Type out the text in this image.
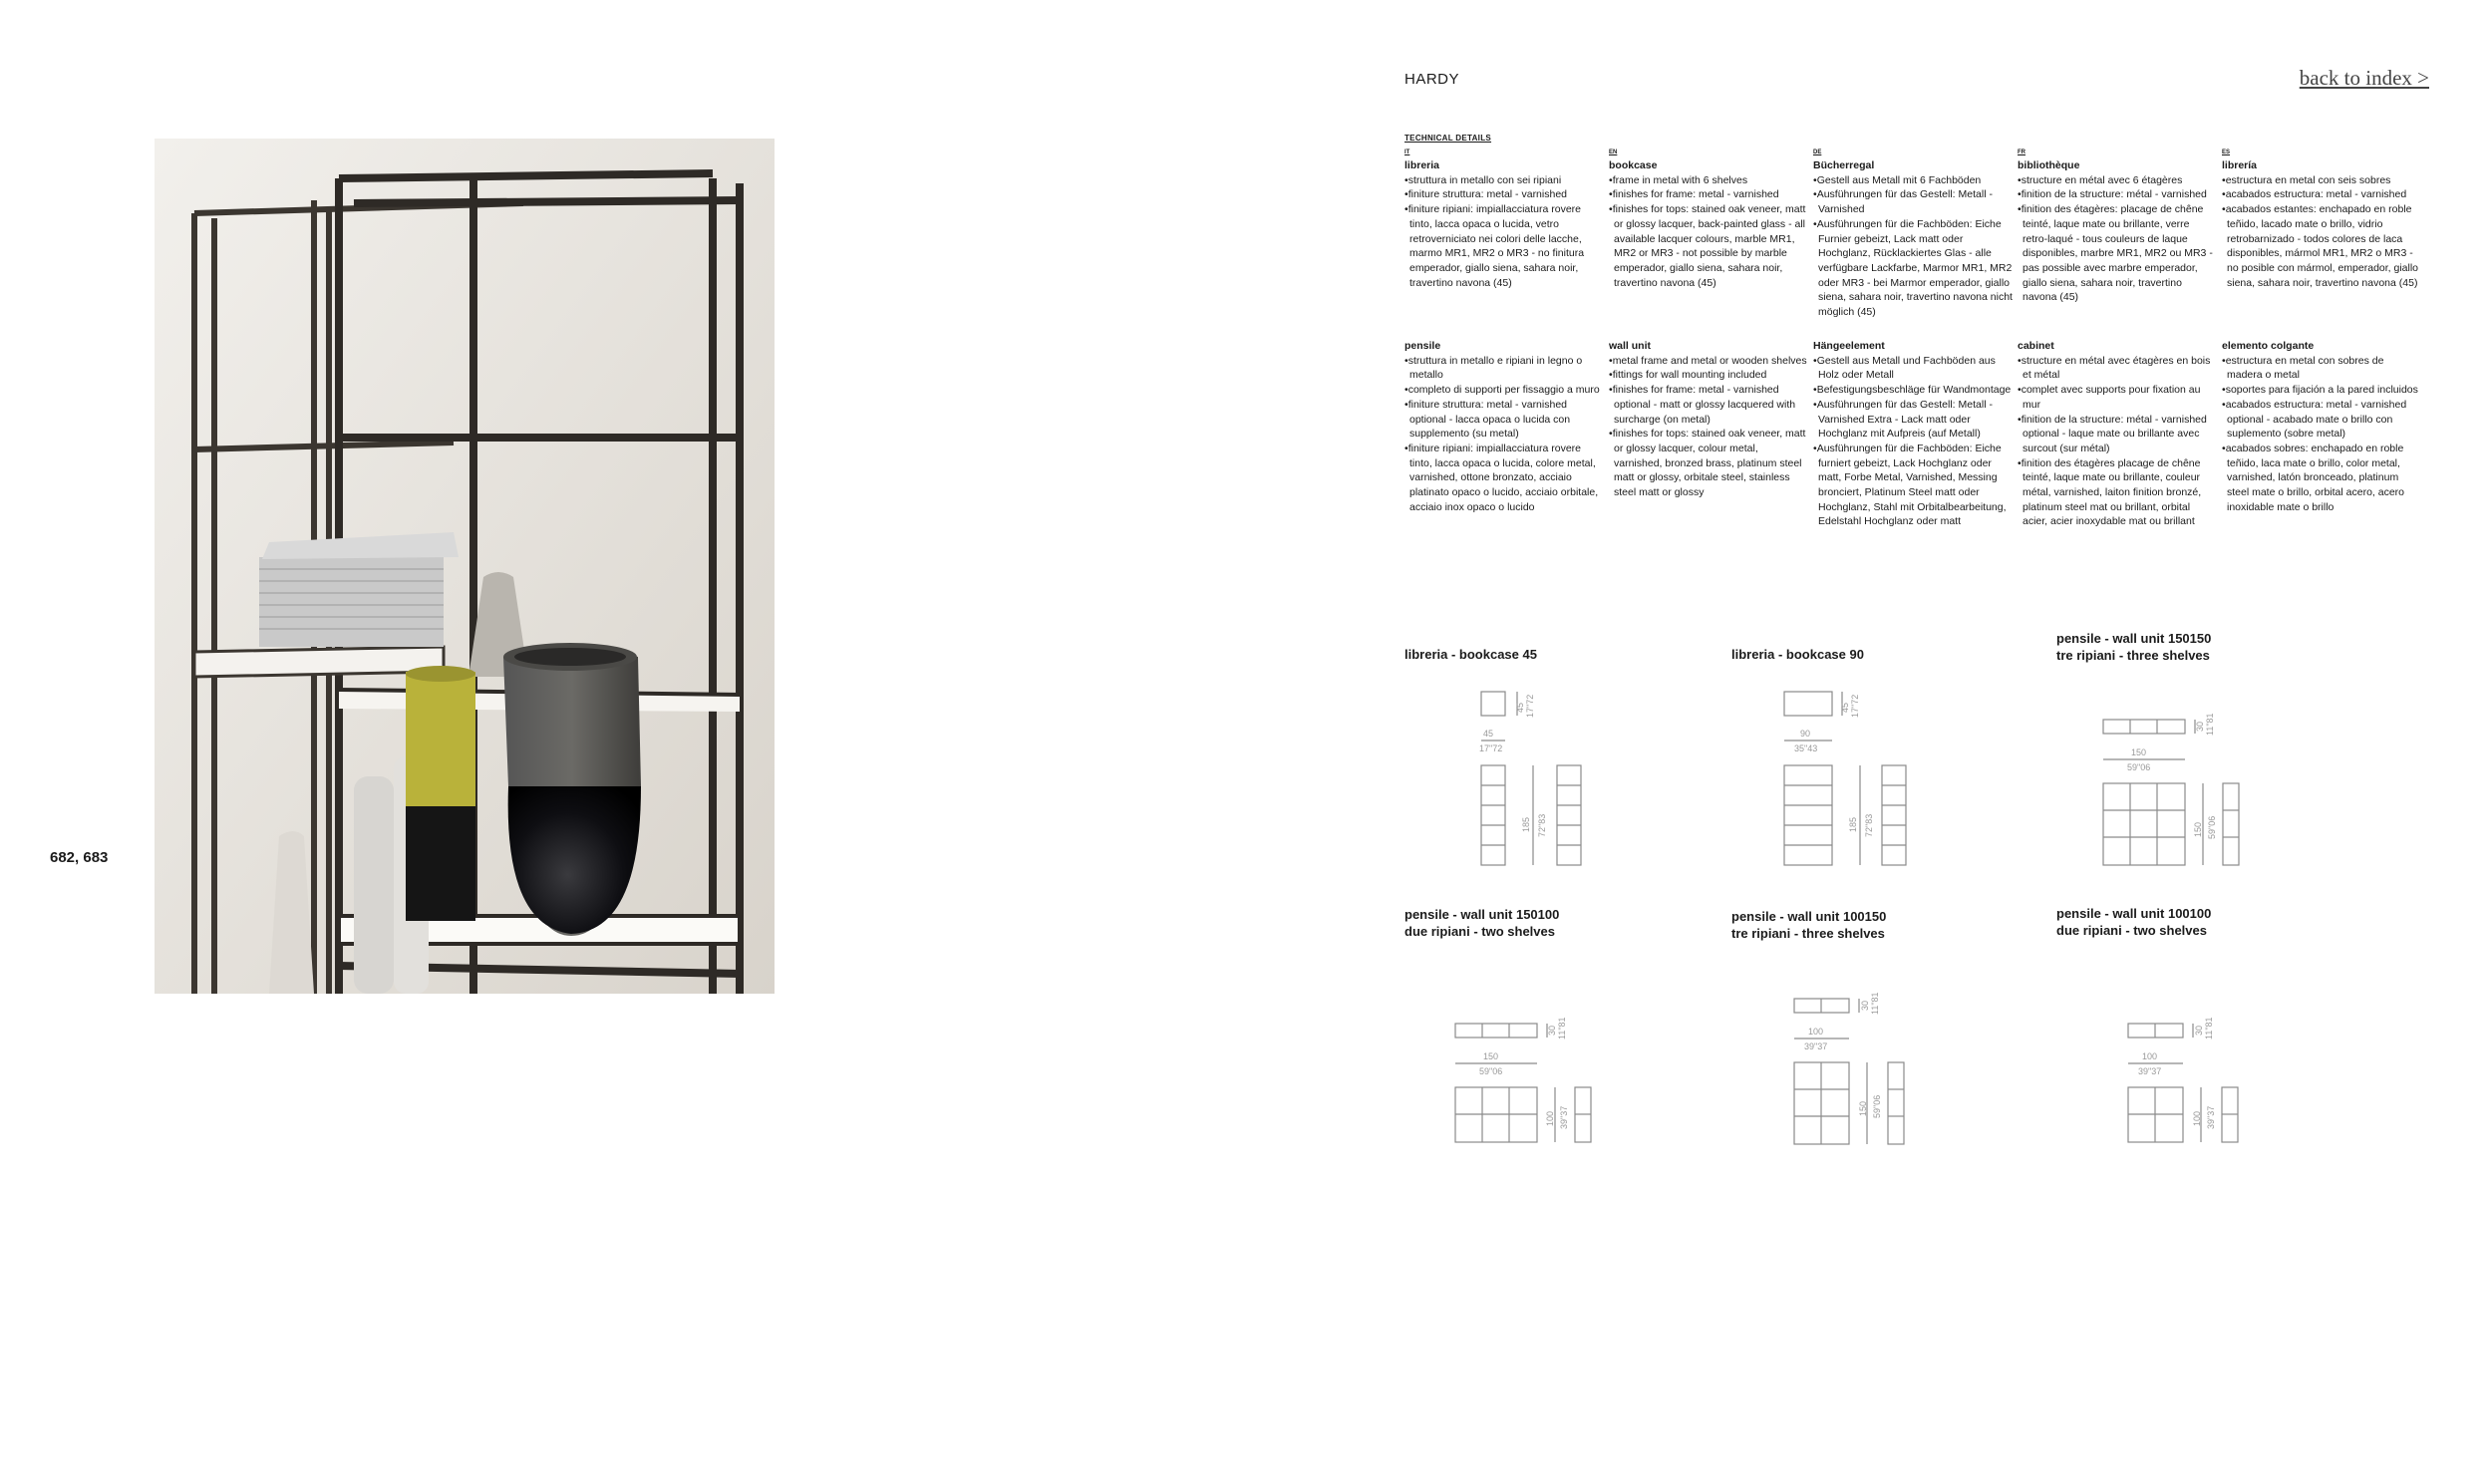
682, 683
HARDY	back to index >
TECHNICAL DETAILS
IT
libreria
• struttura in metallo con sei ripiani
• finiture struttura: metal - varnished
• finiture ripiani: impiallacciatura rovere tinto, lacca opaca o lucida, vetro retroverniciato nei colori delle lacche, marmo MR1, MR2 o MR3 - no finitura emperador, giallo siena, sahara noir, travertino navona (45)
pensile
• struttura in metallo e ripiani in legno o metallo
• completo di supporti per fissaggio a muro
• finiture struttura: metal - varnished optional - lacca opaca o lucida con supplemento (su metal)
• finiture ripiani: impiallacciatura rovere tinto, lacca opaca o lucida, colore metal, varnished, ottone bronzato, acciaio platinato opaco o lucido, acciaio orbitale, acciaio inox opaco o lucido
EN
bookcase
• frame in metal with 6 shelves
• finishes for frame: metal - varnished
• finishes for tops: stained oak veneer, matt or glossy lacquer, back-painted glass - all available lacquer colours, marble MR1, MR2 or MR3 - not possible by marble emperador, giallo siena, sahara noir, travertino navona (45)
wall unit
• metal frame and metal or wooden shelves
• fittings for wall mounting included
• finishes for frame: metal - varnished optional - matt or glossy lacquered with surcharge (on metal)
• finishes for tops: stained oak veneer, matt or glossy lacquer, colour metal, varnished, bronzed brass, platinum steel matt or glossy, orbitale steel, stainless steel matt or glossy
DE
Bücherregal
• Gestell aus Metall mit 6 Fachböden
• Ausführungen für das Gestell: Metall - Varnished
• Ausführungen für die Fachböden: Eiche Furnier gebeizt, Lack matt oder Hochglanz, Rücklackiertes Glas - alle verfügbare Lackfarbe, Marmor MR1, MR2 oder MR3 - bei Marmor emperador, giallo siena, sahara noir, travertino navona nicht möglich (45)
Hängeelement
• Gestell aus Metall und Fachböden aus Holz oder Metall
• Befestigungsbeschläge für Wandmontage
• Ausführungen für das Gestell: Metall - Varnished Extra - Lack matt oder Hochglanz mit Aufpreis (auf Metall)
• Ausführungen für die Fachböden: Eiche furniert gebeizt, Lack Hochglanz oder matt, Forbe Metal, Varnished, Messing bronciert, Platinum Steel matt oder Hochglanz, Stahl mit Orbitalbearbeitung, Edelstahl Hochglanz oder matt
FR
bibliothèque
• structure en métal avec 6 étagères
• finition de la structure: métal - varnished
• finition des étagères: placage de chêne teinté, laque mate ou brillante, verre retro-laqué - tous couleurs de laque disponibles, marbre MR1, MR2 ou MR3 - pas possible avec marbre emperador, giallo siena, sahara noir, travertino navona (45)
cabinet
• structure en métal avec étagères en bois et métal
• complet avec supports pour fixation au mur
• finition de la structure: métal - varnished optional - laque mate ou brillante avec surcout (sur métal)
• finition des étagères placage de chêne teinté, laque mate ou brillante, couleur métal, varnished, laiton finition bronzé, platinum steel mat ou brillant, orbital acier, acier inoxydable mat ou brillant
ES
librería
• estructura en metal con seis sobres
• acabados estructura: metal - varnished
• acabados estantes: enchapado en roble teñido, lacado mate o brillo, vidrio retrobarnizado - todos colores de laca disponibles, mármol MR1, MR2 o MR3 - no posible con mármol, emperador, giallo siena, sahara noir, travertino navona (45)
elemento colgante
• estructura en metal con sobres de madera o metal
• soportes para fijación a la pared incluidos
• acabados estructura: metal - varnished optional - acabado mate o brillo con suplemento (sobre metal)
• acabados sobres: enchapado en roble teñido, laca mate o brillo, color metal, varnished, latón bronceado, platinum steel mate o brillo, orbital acero, acero inoxidable mate o brillo
libreria - bookcase 45	libreria - bookcase 90
pensile - wall unit 150150
tre ripiani - three shelves
pensile - wall unit 150100
due ripiani - two shelves
pensile - wall unit 100150
tre ripiani - three shelves
pensile - wall unit 100100
due ripiani - two shelves
45
17"72
45 17"72
185 72"83
90
35"43
45 17"72
185 72"83
150
59"06
30 11"81
150 59"06
150
59"06
30 11"81
100 39"37
100
39"37
30 11"81
150 59"06
100
39"37
30 11"81
100 39"37
